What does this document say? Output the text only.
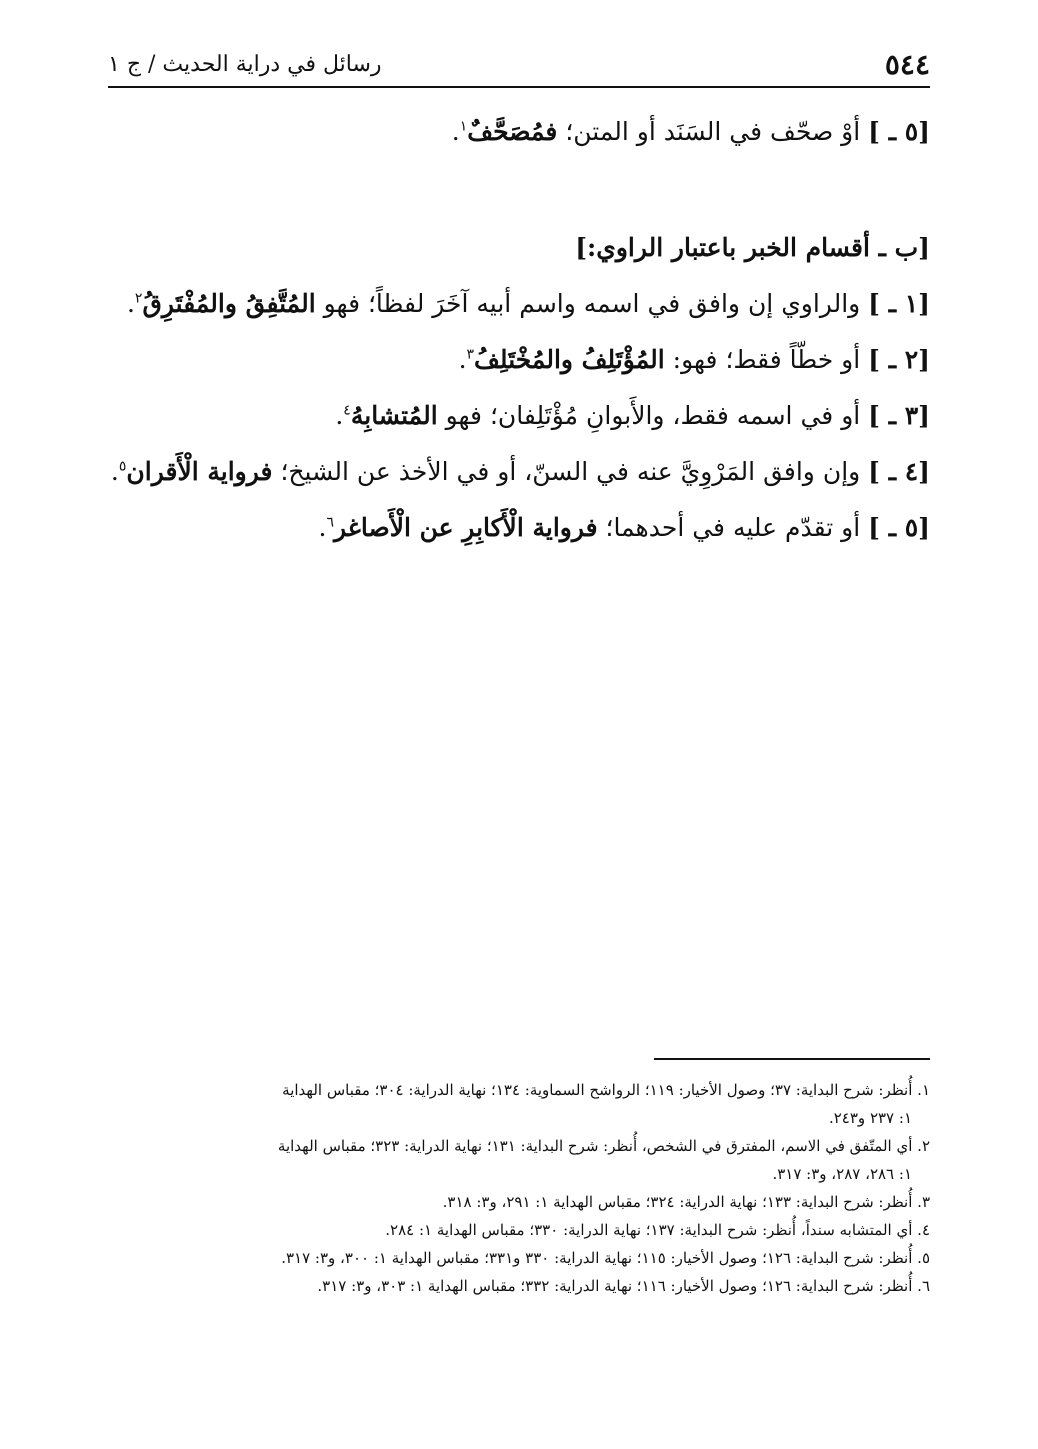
٥٤٤
رسائل في دراية الحديث / ج ١
[٥ ـ ] أوْ صحّف في السَنَد أو المتن؛ فمُصَحَّفٌ$^١$.
[ب ـ أقسام الخبر باعتبار الراوي:]
[١ ـ ] والراوي إن وافق في اسمه واسم أبيه آخَرَ لفظاً؛ فهو المُتَّفِقُ والمُفْتَرِقُ$^٢$.
[٢ ـ ] أو خطّاً فقط؛ فهو: المُؤْتَلِفُ والمُخْتَلِفُ$^٣$.
[٣ ـ ] أو في اسمه فقط، والأَبوانِ مُؤْتَلِفان؛ فهو المُتشابِهُ$^٤$.
[٤ ـ ] وإن وافق المَرْوِيَّ عنه في السنّ، أو في الأخذ عن الشيخ؛ فرواية الْأَقران$^٥$.
[٥ ـ ] أو تقدّم عليه في أحدهما؛ فرواية الْأَكابِرِ عن الْأَصاغر$^٦$.
١. أُنظر: شرح البداية: ٣٧؛ وصول الأخيار: ١١٩؛ الرواشح السماوية: ١٣٤؛ نهاية الدراية: ٣٠٤؛ مقباس الهداية
١: ٢٣٧ و٢٤٣.
٢. أي المتّفق في الاسم، المفترق في الشخص، أُنظر: شرح البداية: ١٣١؛ نهاية الدراية: ٣٢٣؛ مقباس الهداية
١: ٢٨٦، ٢٨٧، و٣: ٣١٧.
٣. أُنظر: شرح البداية: ١٣٣؛ نهاية الدراية: ٣٢٤؛ مقباس الهداية ١: ٢٩١، و٣: ٣١٨.
٤. أي المتشابه سنداً، أُنظر: شرح البداية: ١٣٧؛ نهاية الدراية: ٣٣٠؛ مقباس الهداية ١: ٢٨٤.
٥. أُنظر: شرح البداية: ١٢٦؛ وصول الأخيار: ١١٥؛ نهاية الدراية: ٣٣٠ و٣٣١؛ مقباس الهداية ١: ٣٠٠، و٣: ٣١٧.
٦. أُنظر: شرح البداية: ١٢٦؛ وصول الأخيار: ١١٦؛ نهاية الدراية: ٣٣٢؛ مقباس الهداية ١: ٣٠٣، و٣: ٣١٧.
